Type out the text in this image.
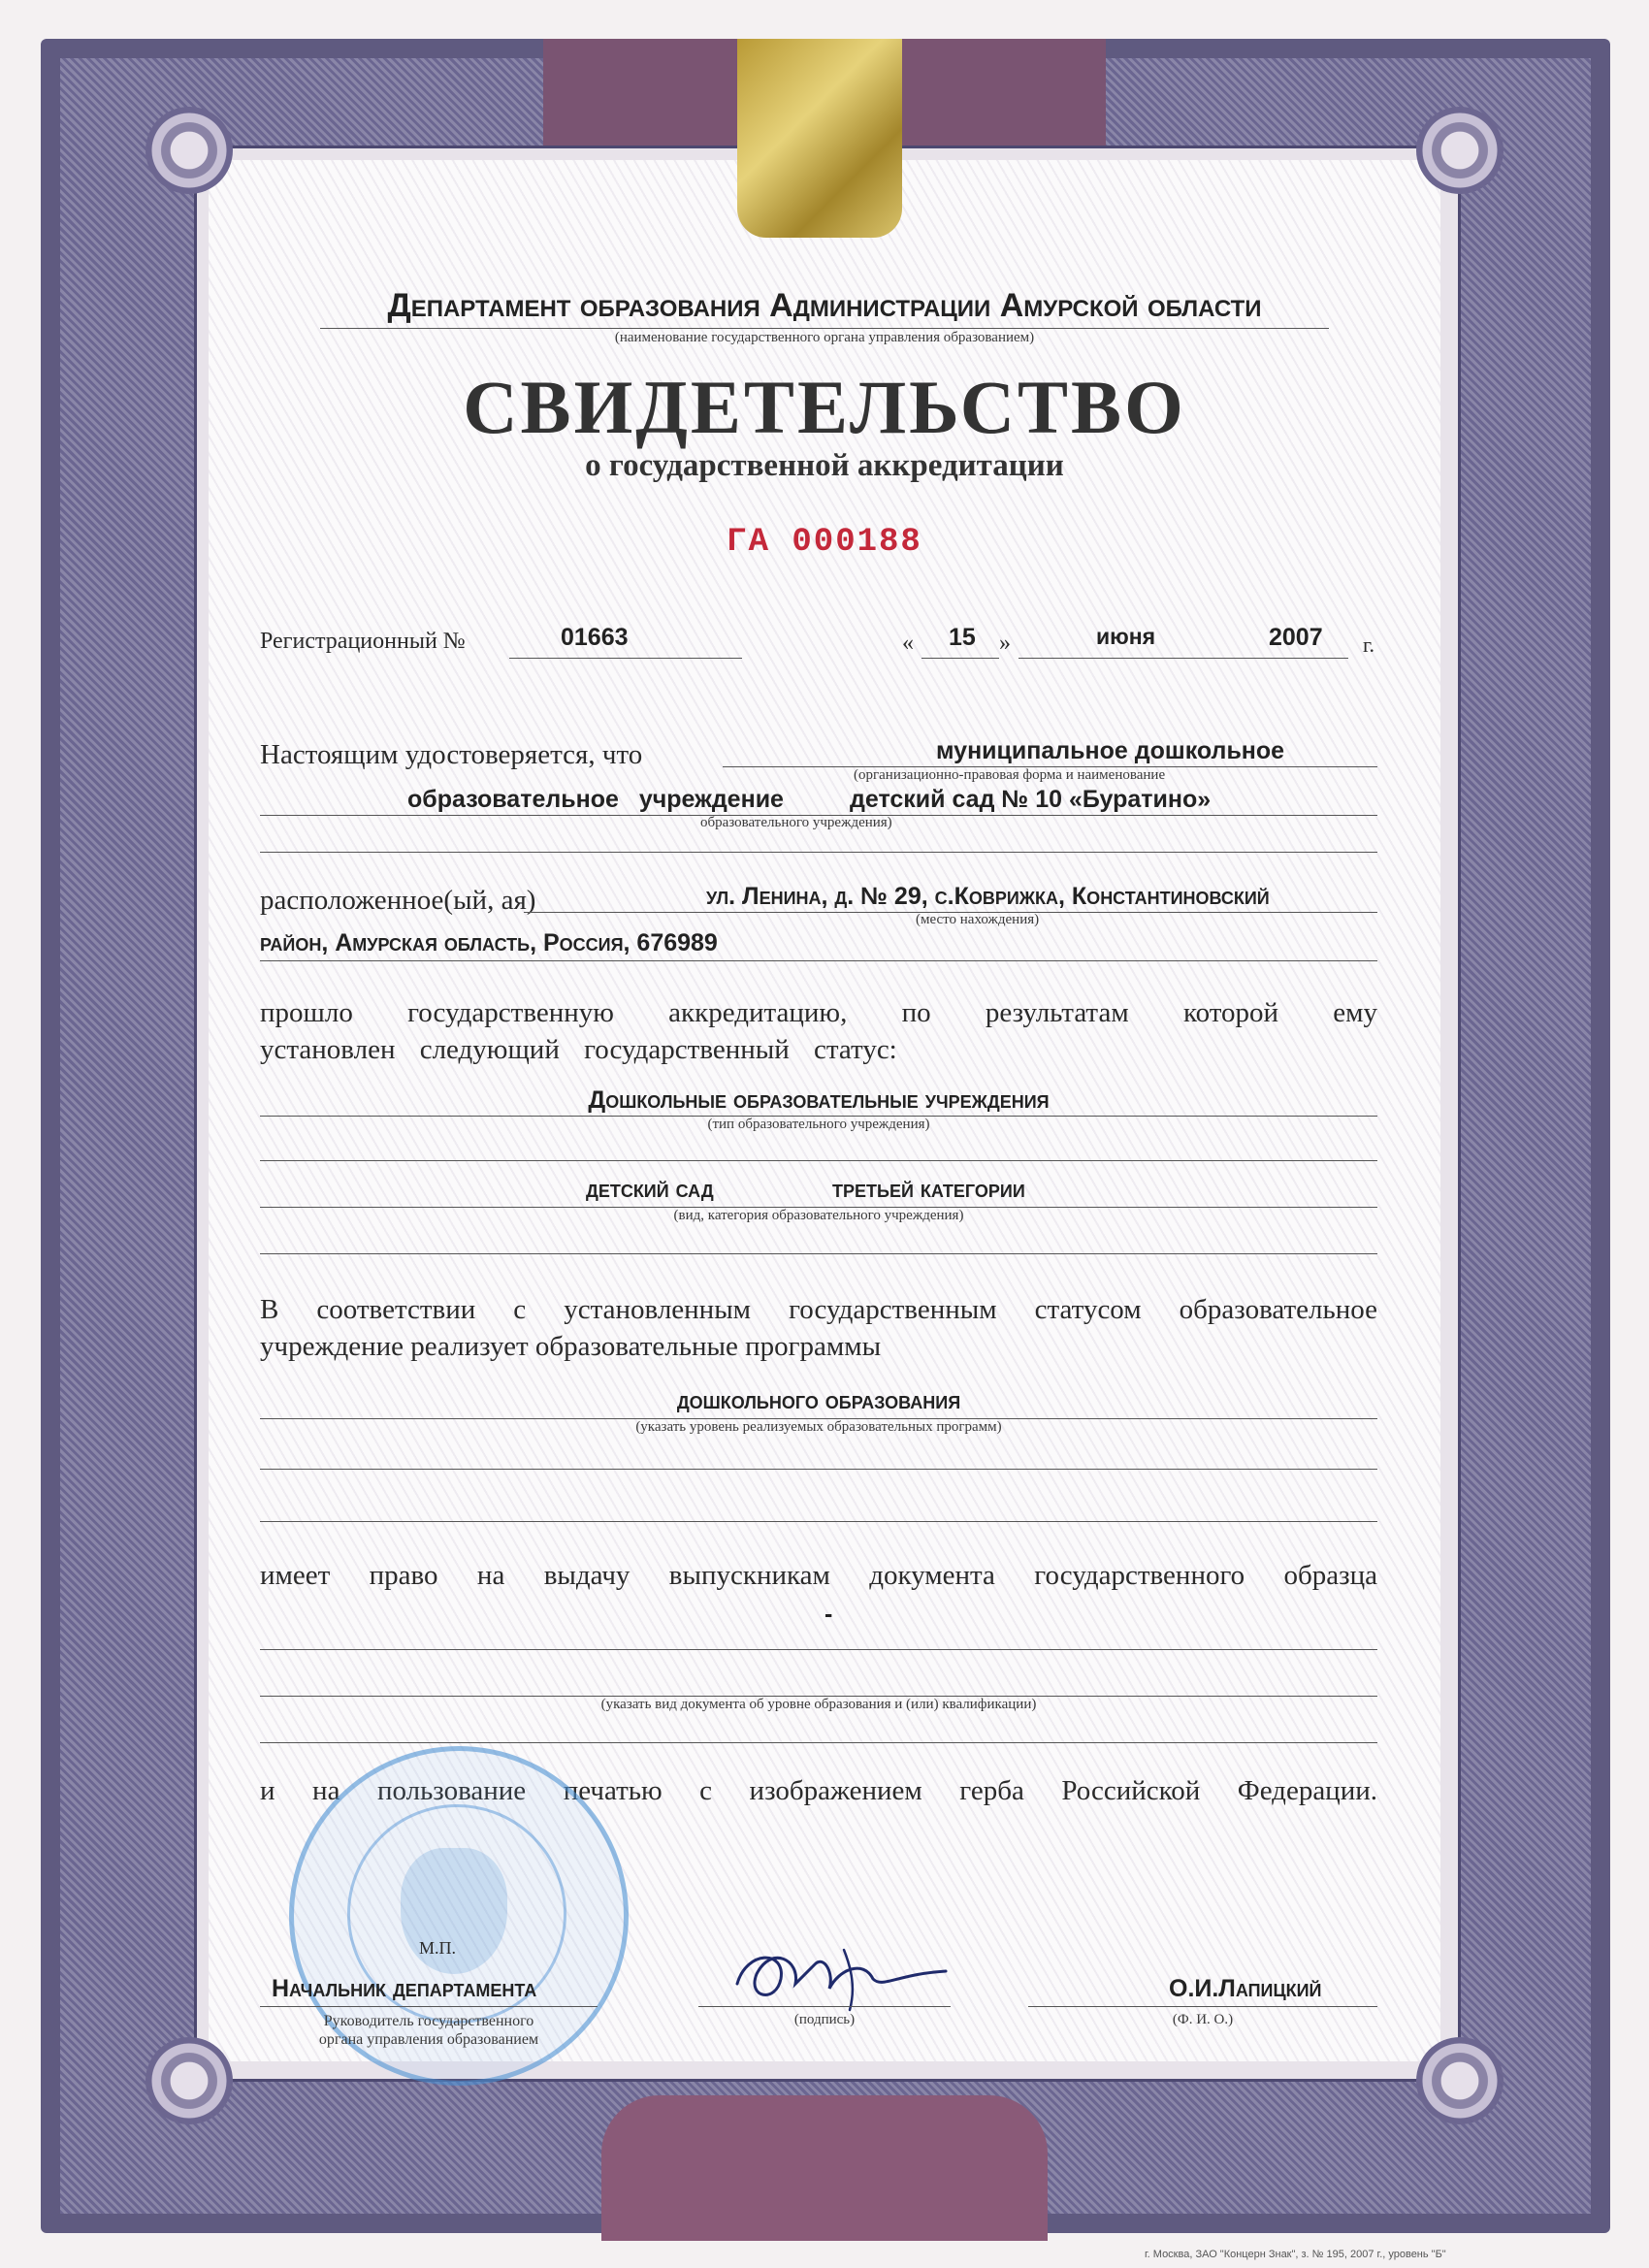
Департамент образования Администрации Амурской области
(наименование государственного органа управления образованием)
СВИДЕТЕЛЬСТВО
о государственной аккредитации
ГА 000188
Регистрационный №	01663	« 15 »	июня	2007 г.
Настоящим удостоверяется, что	муниципальное дошкольное
(организационно-правовая форма и наименование
образовательное учреждение	детский сад № 10 «Буратино»
образовательного учреждения)
расположенное(ый, ая)	ул. Ленина, д. № 29, с.Коврижка, Константиновский
(место нахождения)
район, Амурская область, Россия, 676989
прошло государственную аккредитацию, по результатам которой ему
установлен следующий государственный статус:
Дошкольные образовательные учреждения
(тип образовательного учреждения)
детский сад	третьей категории
(вид, категория образовательного учреждения)
В соответствии с установленным государственным статусом образовательное
учреждение реализует образовательные программы
дошкольного образования
(указать уровень реализуемых образовательных программ)
имеет право на выдачу выпускникам документа государственного образца
-
(указать вид документа об уровне образования и (или) квалификации)
и на пользование печатью с изображением герба Российской Федерации.
М.П.
Начальник департамента
Руководитель государственного
органа управления образованием
(подпись)
О.И.Лапицкий
(Ф. И. О.)
г. Москва, ЗАО "Концерн Знак", з. № 195, 2007 г., уровень "Б"
